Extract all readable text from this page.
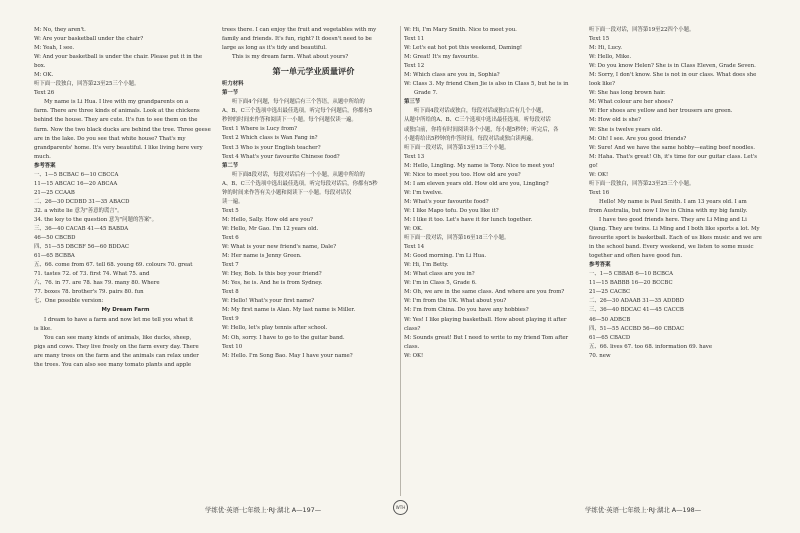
M: No, they aren't.
W: Are your basketball under the chair?
M: Yeah, I see.
W: And your basketball is under the chair. Please put it in the
box.
M: OK.
听下面一段独白，回答第23至25三个小题。
Text 26
My name is Li Hua. I live with my grandparents on a
farm. There are three kinds of animals. Look at the chickens
behind the house. They are cute. It's fun to see them on the
farm. Now the two black ducks are behind the tree. Three geese
are in the lake. Do you see that white house? That's my
grandparents' home. It's very beautiful. I like living here very
much.
参考答案
一、1—5 BCBAC 6—10 CBCCA
11—15 ABCAC 16—20 ABCAA
21—25 CCAAB
二、26—30 DCDBD 31—35 ABACD
32. a white lie 意为"善意的谎言"。
34. the key to the question 意为"问题的答案"。
三、36—40 CACAB 41—45 BABDA
46—50 CBCBD
四、51—55 DBCBF 56—60 BDDAC
61—65 BCBBA
五、66. come from 67. tell 68. young 69. colours 70. great
71. tastes 72. of 73. first 74. What 75. and
六、76. in 77. are 78. has 79. many 80. Where
77. boxes 78. brother's 79. pairs 80. fun
七、One possible version:
My Dream Farm
I dream to have a farm and now let me tell you what it
is like.
You can see many kinds of animals, like ducks, sheep,
pigs and cows. They live freely on the farm every day. There
are many trees on the farm and the animals can relax under
the trees. You can also see many tomato plants and apple
trees there. I can enjoy the fruit and vegetables with my
family and friends. It's fun, right? It doesn't need to be
large as long as it's tidy and beautiful.
This is my dream farm. What about yours?
第一单元学业质量评价
听力材料
第一节
听下面4个问题，每个问题后有三个答语，从题中所给的
A、B、C三个选项中选出最佳选项。听完每个问题后，你都有5
秒钟的时间来作答和阅读下一小题。每个问题仅读一遍。
Text 1 Where is Lucy from?
Text 2 Which class is Wan Fang in?
Text 3 Who is your English teacher?
Text 4 What's your favourite Chinese food?
第二节
听下面8段对话，每段对话后有一个小题，从题中所给的
A、B、C三个选项中选出最佳选项。听完每段对话后，你都有5秒
钟的时间来作答有关小题和阅读下一小题。每段对话仅
读一遍。
Text 5
M: Hello, Sally. How old are you?
W: Hello, Mr Gao. I'm 12 years old.
Text 6
W: What is your new friend's name, Dale?
M: Her name is Jenny Green.
Text 7
W: Hey, Bob. Is this boy your friend?
M: Yes, he is. And he is from Sydney.
Text 8
W: Hello! What's your first name?
M: My first name is Alan. My last name is Miller.
Text 9
W: Hello, let's play tennis after school.
M: Oh, sorry. I have to go to the guitar band.
Text 10
M: Hello. I'm Song Bao. May I have your name?
W: Hi, I'm Mary Smith. Nice to meet you.
Text 11
W: Let's eat hot pot this weekend, Daming!
M: Great! It's my favourite.
Text 12
M: Which class are you in, Sophia?
W: Class 3. My friend Chen Jie is also in Class 5, but he is in
Grade 7.
第三节
听下面4段对话或独白，每段对话或独白后有几个小题，
从题中所给的A、B、C三个选项中选出最佳选项。听每段对话
或独白前，你将有时间阅读各个小题，每小题5秒钟；听完后，各
小题将给出5秒钟的作答时间。每段对话或独白读两遍。
听下面一段对话，回答第13至15三个小题。
Text 13
M: Hello, Lingling. My name is Tony. Nice to meet you!
W: Nice to meet you too. How old are you?
M: I am eleven years old. How old are you, Lingling?
W: I'm twelve.
M: What's your favourite food?
W: I like Mapo tofu. Do you like it?
M: I like it too. Let's have it for lunch together.
W: OK.
听下面一段对话，回答第16至18三个小题。
Text 14
M: Good morning. I'm Li Hua.
W: Hi, I'm Betty.
M: What class are you in?
W: I'm in Class 5, Grade 6.
M: Oh, we are in the same class. And where are you from?
W: I'm from the UK. What about you?
M: I'm from China. Do you have any hobbies?
W: Yes! I like playing basketball. How about playing it after
class?
M: Sounds great! But I need to write to my friend Tom after
class.
W: OK!
听下面一段对话，回答第19至22四个小题。
Text 15
M: Hi, Lucy.
W: Hello, Mike.
W: Do you know Helen? She is in Class Eleven, Grade Seven.
M: Sorry, I don't know. She is not in our class. What does she
look like?
W: She has long brown hair.
M: What colour are her shoes?
W: Her shoes are yellow and her trousers are green.
M: How old is she?
W: She is twelve years old.
M: Oh! I see. Are you good friends?
W: Sure! And we have the same hobby—eating beef noodles.
M: Haha. That's great! Oh, it's time for our guitar class. Let's
go!
W: OK!
听下面一段独白，回答第23至25三个小题。
Text 16
Hello! My name is Paul Smith. I am 13 years old. I am
from Australia, but now I live in China with my big family.
I have two good friends here. They are Li Ming and Li
Qiang. They are twins. Li Ming and I both like sports a lot. My
favourite sport is basketball. Each of us likes music and we are
in the school band. Every weekend, we listen to some music
together and often have good fun.
参考答案
一、1—5 CBBAB 6—10 BCBCA
11—15 BABBB 16—20 BCCBC
21—25 CACBC
二、26—30 ADAAB 31—35 ADDBD
三、36—40 BDCAC 41—45 CACCB
46—50 ADBCB
四、51—55 ACCBD 56—60 CBDAC
61—65 CBACD
五、66. lives 67. too 68. information 69. have
70. new
学练优·英语·七年级上·RJ·湖北 A—197—	WTH	学练优·英语·七年级上·RJ·湖北 A—198—
